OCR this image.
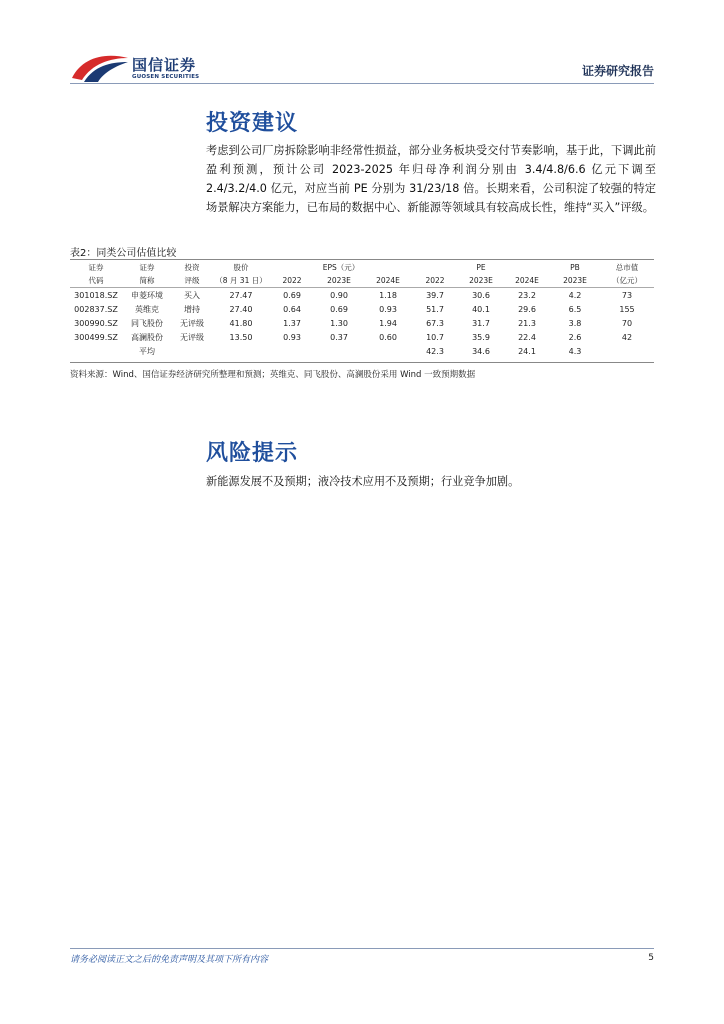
国信证券
GUOSEN SECURITIES	证券研究报告
投资建议

考虑到公司厂房拆除影响非经常性损益，部分业务板块受交付节奏影响，基于此，下调此前盈利预测，预计公司 2023-2025 年归母净利润分别由 3.4/4.8/6.6 亿元下调至 2.4/3.2/4.0 亿元，对应当前 PE 分别为 31/23/18 倍。长期来看，公司积淀了较强的特定场景解决方案能力，已布局的数据中心、新能源等领域具有较高成长性，维持“买入”评级。

表2：同类公司估值比较
证券	证券	投资	股价	EPS（元）			PE			PB	总市值
代码	简称	评级	（8 月 31 日）	2022	2023E	2024E	2022	2023E	2024E	2023E	（亿元）
301018.SZ	申菱环境	买入	27.47	0.69	0.90	1.18	39.7	30.6	23.2	4.2	73
002837.SZ	英维克	增持	27.40	0.64	0.69	0.93	51.7	40.1	29.6	6.5	155
300990.SZ	同飞股份	无评级	41.80	1.37	1.30	1.94	67.3	31.7	21.3	3.8	70
300499.SZ	高澜股份	无评级	13.50	0.93	0.37	0.60	10.7	35.9	22.4	2.6	42
	平均						42.3	34.6	24.1	4.3	
资料来源：Wind、国信证券经济研究所整理和预测；英维克、同飞股份、高澜股份采用 Wind 一致预期数据
风险提示

新能源发展不及预期；液冷技术应用不及预期；行业竞争加剧。

请务必阅读正文之后的免责声明及其项下所有内容	5
